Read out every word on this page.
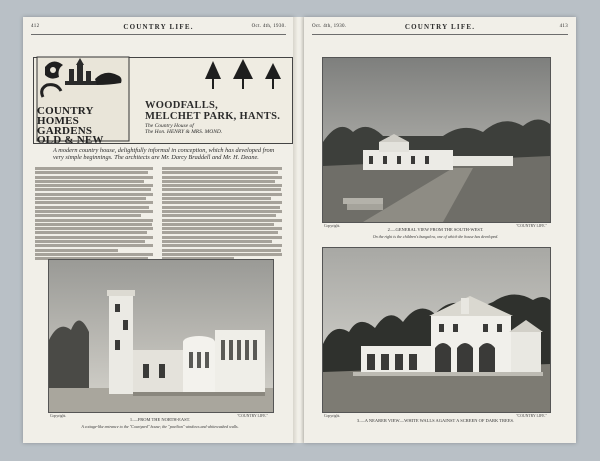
412	COUNTRY LIFE.	Oct. 4th, 1930.
COUNTRY
HOMES
GARDENS
OLD & NEW
WOODFALLS,
MELCHET PARK, HANTS.
The Country House of
The Hon. HENRY & MRS. MOND.
A modern country house, delightfully informal in conception, which has developed from
very simple beginnings. The architects are Mr. Darcy Braddell and Mr. H. Deane.
Copyright.	"COUNTRY LIFE."
1.—FROM THE NORTH-EAST.
A cottage-like entrance to the "Courtyard" house; the "pavilion" windows and whitewashed walls.
Oct. 4th, 1930.	COUNTRY LIFE.	413
Copyright.	"COUNTRY LIFE."
2.—GENERAL VIEW FROM THE SOUTH-WEST.
On the right is the children's bungalow, one of which the house has developed.
Copyright.	"COUNTRY LIFE."
3.—A NEARER VIEW—WHITE WALLS AGAINST A SCREEN OF DARK TREES.
